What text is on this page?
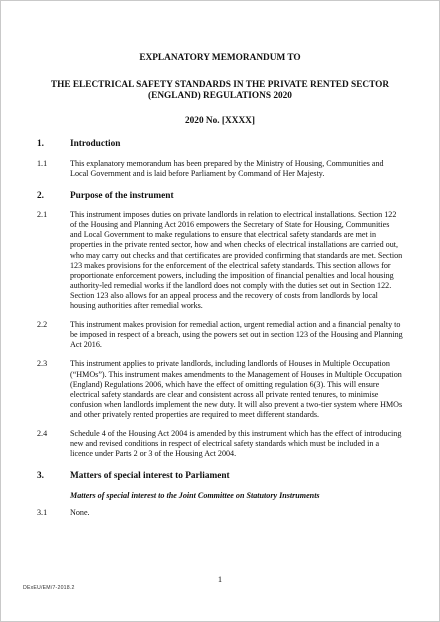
EXPLANATORY MEMORANDUM TO
THE ELECTRICAL SAFETY STANDARDS IN THE PRIVATE RENTED SECTOR (ENGLAND) REGULATIONS 2020
2020 No. [XXXX]
1.	Introduction
1.1	This explanatory memorandum has been prepared by the Ministry of Housing, Communities and Local Government and is laid before Parliament by Command of Her Majesty.
2.	Purpose of the instrument
2.1	This instrument imposes duties on private landlords in relation to electrical installations. Section 122 of the Housing and Planning Act 2016 empowers the Secretary of State for Housing, Communities and Local Government to make regulations to ensure that electrical safety standards are met in properties in the private rented sector, how and when checks of electrical installations are carried out, who may carry out checks and that certificates are provided confirming that standards are met. Section 123 makes provisions for the enforcement of the electrical safety standards. This section allows for proportionate enforcement powers, including the imposition of financial penalties and local housing authority-led remedial works if the landlord does not comply with the duties set out in Section 122. Section 123 also allows for an appeal process and the recovery of costs from landlords by local housing authorities after remedial works.
2.2	This instrument makes provision for remedial action, urgent remedial action and a financial penalty to be imposed in respect of a breach, using the powers set out in section 123 of the Housing and Planning Act 2016.
2.3	This instrument applies to private landlords, including landlords of Houses in Multiple Occupation (“HMOs”). This instrument makes amendments to the Management of Houses in Multiple Occupation (England) Regulations 2006, which have the effect of omitting regulation 6(3). This will ensure electrical safety standards are clear and consistent across all private rented tenures, to minimise confusion when landlords implement the new duty. It will also prevent a two-tier system where HMOs and other privately rented properties are required to meet different standards.
2.4	Schedule 4 of the Housing Act 2004 is amended by this instrument which has the effect of introducing new and revised conditions in respect of electrical safety standards which must be included in a licence under Parts 2 or 3 of the Housing Act 2004.
3.	Matters of special interest to Parliament
Matters of special interest to the Joint Committee on Statutory Instruments
3.1	None.
1
DExEU/EM/7-2018.2
